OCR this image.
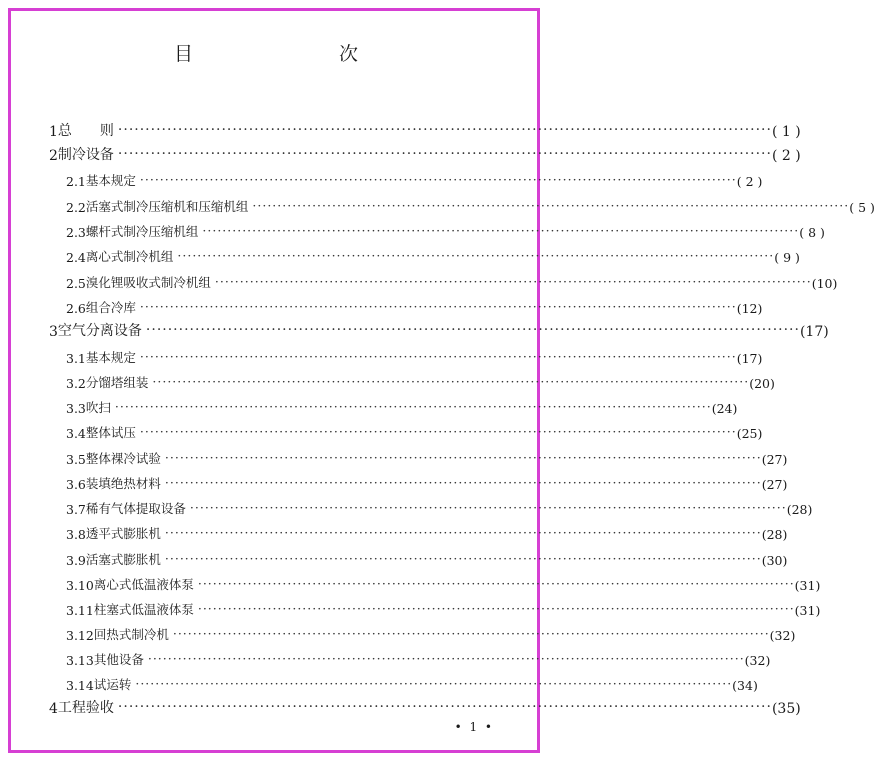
目　　次
1 总　　则 ························································································································ ( 1 )
2 制冷设备 ························································································································ ( 2 )
2.1 基本规定 ························································································································ ( 2 )
2.2 活塞式制冷压缩机和压缩机组 ························································································································ ( 5 )
2.3 螺杆式制冷压缩机组 ························································································································ ( 8 )
2.4 离心式制冷机组 ························································································································ ( 9 )
2.5 溴化锂吸收式制冷机组 ························································································································ (10)
2.6 组合冷库 ························································································································ (12)
3 空气分离设备 ························································································································ (17)
3.1 基本规定 ························································································································ (17)
3.2 分馏塔组装 ························································································································ (20)
3.3 吹扫 ························································································································ (24)
3.4 整体试压 ························································································································ (25)
3.5 整体裸冷试验 ························································································································ (27)
3.6 装填绝热材料 ························································································································ (27)
3.7 稀有气体提取设备 ························································································································ (28)
3.8 透平式膨胀机 ························································································································ (28)
3.9 活塞式膨胀机 ························································································································ (30)
3.10 离心式低温液体泵 ························································································································ (31)
3.11 柱塞式低温液体泵 ························································································································ (31)
3.12 回热式制冷机 ························································································································ (32)
3.13 其他设备 ························································································································ (32)
3.14 试运转 ························································································································ (34)
4 工程验收 ························································································································ (35)
• 1 •
